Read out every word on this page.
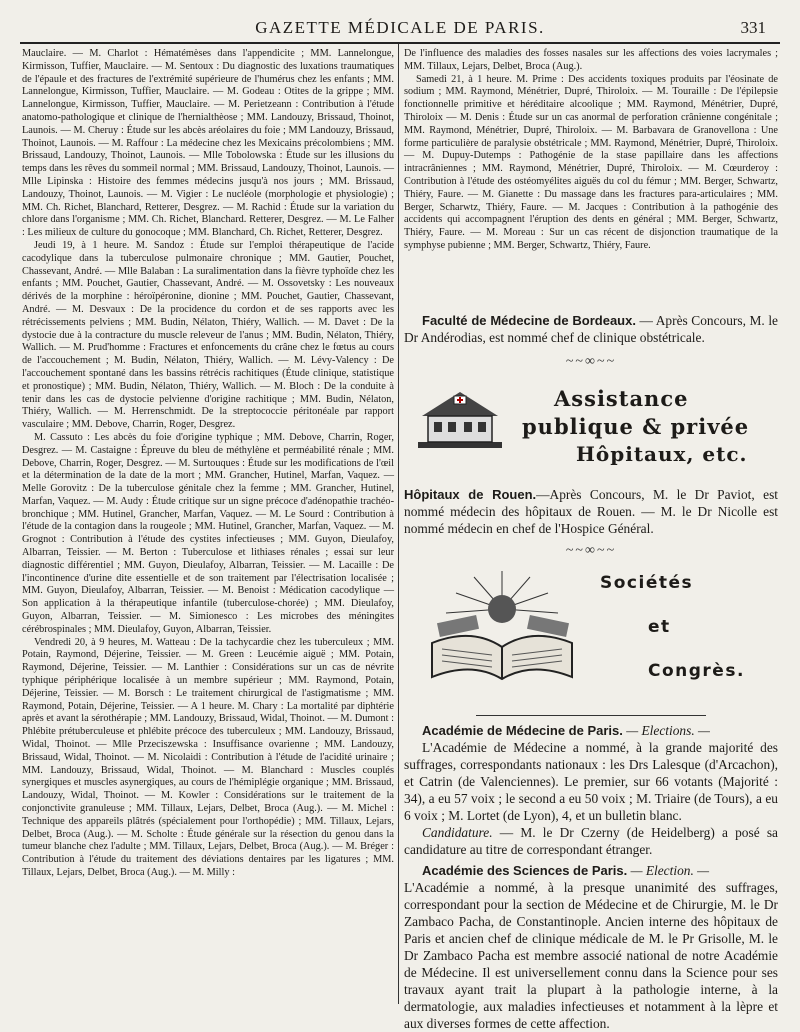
GAZETTE MÉDICALE DE PARIS.	331

Mauclaire. — M. Charlot : Hématémèses dans l'appendicite ; MM. Lannelongue, Kirmisson, Tuffier, Mauclaire. — M. Sentoux : Du diagnostic des luxations traumatiques de l'épaule et des fractures de l'extrémité supérieure de l'humérus chez les enfants ; MM. Lannelongue, Kirmisson, Tuffier, Mauclaire. — M. Godeau : Otites de la grippe ; MM. Lannelongue, Kirmisson, Tuffier, Mauclaire. — M. Perietzeann : Contribution à l'étude anatomo-pathologique et clinique de l'hernialthèose ; MM. Landouzy, Brissaud, Thoinot, Launois. — M. Cheruy : Étude sur les abcès aréolaires du foie ; MM Landouzy, Brissaud, Thoinot, Launois. — M. Raffour : La médecine chez les Mexicains précolombiens ; MM. Brissaud, Landouzy, Thoinot, Launois. — Mlle Tobolowska : Étude sur les illusions du temps dans les rêves du sommeil normal ; MM. Brissaud, Landouzy, Thoinot, Launois. — Mlle Lipinska : Histoire des femmes médecins jusqu'à nos jours ; MM. Brissaud, Landouzy, Thoinot, Launois. — M. Vigier : Le nucléole (morphologie et physiologie) ; MM. Ch. Richet, Blanchard, Retterer, Desgrez. — M. Rachid : Étude sur la variation du chlore dans l'organisme ; MM. Ch. Richet, Blanchard. Retterer, Desgrez. — M. Le Falher : Les milieux de culture du gonocoque ; MM. Blanchard, Ch. Richet, Retterer, Desgrez.

Jeudi 19, à 1 heure. M. Sandoz : Étude sur l'emploi thérapeutique de l'acide cacodylique dans la tuberculose pulmonaire chronique ; MM. Gautier, Pouchet, Chassevant, André. — Mlle Balaban : La suralimentation dans la fièvre typhoïde chez les enfants ; MM. Pouchet, Gautier, Chassevant, André. — M. Ossovetsky : Les nouveaux dérivés de la morphine : héroïpéronine, dionine ; MM. Pouchet, Gautier, Chassevant, André. — M. Desvaux : De la procidence du cordon et de ses rapports avec les rétrécissements pelviens ; MM. Budin, Nélaton, Thiéry, Wallich. — M. Davet : De la dystocie due à la contracture du muscle releveur de l'anus ; MM. Budin, Nélaton, Thiéry, Wallich. — M. Prud'homme : Fractures et enfoncements du crâne chez le fœtus au cours de l'accouchement ; M. Budin, Nélaton, Thiéry, Wallich. — M. Lévy-Valency : De l'accouchement spontané dans les bassins rétrécis rachitiques (Étude clinique, statistique et pronostique) ; MM. Budin, Nélaton, Thiéry, Wallich. — M. Bloch : De la conduite à tenir dans les cas de dystocie pelvienne d'origine rachitique ; MM. Budin, Nélaton, Thiéry, Wallich. — M. Herrenschmidt. De la streptococcie péritonéale par rapport vasculaire ; MM. Debove, Charrin, Roger, Desgrez.

M. Cassuto : Les abcès du foie d'origine typhique ; MM. Debove, Charrin, Roger, Desgrez. — M. Castaigne : Épreuve du bleu de méthylène et perméabilité rénale ; MM. Debove, Charrin, Roger, Desgrez. — M. Surtouques : Étude sur les modifications de l'œil et la détermination de la date de la mort ; MM. Grancher, Hutinel, Marfan, Vaquez. — Melle Gorovitz : De la tuberculose génitale chez la femme ; MM. Grancher, Hutinel, Marfan, Vaquez. — M. Audy : Étude critique sur un signe précoce d'adénopathie trachéo-bronchique ; MM. Hutinel, Grancher, Marfan, Vaquez. — M. Le Sourd : Contribution à l'étude de la contagion dans la rougeole ; MM. Hutinel, Grancher, Marfan, Vaquez. — M. Grognot : Contribution à l'étude des cystites infectieuses ; MM. Guyon, Dieulafoy, Albarran, Teissier. — M. Berton : Tuberculose et lithiases rénales ; essai sur leur diagnostic différentiel ; MM. Guyon, Dieulafoy, Albarran, Teissier. — M. Lacaille : De l'incontinence d'urine dite essentielle et de son traitement par l'électrisation localisée ; MM. Guyon, Dieulafoy, Albarran, Teissier. — M. Benoist : Médication cacodylique — Son application à la thérapeutique infantile (tuberculose-chorée) ; MM. Dieulafoy, Guyon, Albarran, Teissier. — M. Simionesco : Les microbes des méningites cérébrospinales ; MM. Dieulafoy, Guyon, Albarran, Teissier.

Vendredi 20, à 9 heures, M. Watteau : De la tachycardie chez les tuberculeux ; MM. Potain, Raymond, Déjerine, Teissier. — M. Green : Leucémie aiguë ; MM. Potain, Raymond, Déjerine, Teissier. — M. Lanthier : Considérations sur un cas de névrite typhique périphérique localisée à un membre supérieur ; MM. Raymond, Potain, Déjerine, Teissier. — M. Borsch : Le traitement chirurgical de l'astigmatisme ; MM. Raymond, Potain, Déjerine, Teissier. — A 1 heure. M. Chary : La mortalité par diphtérie après et avant la sérothérapie ; MM. Landouzy, Brissaud, Widal, Thoinot. — M. Dumont : Phlébite prétuberculeuse et phlébite précoce des tuberculeux ; MM. Landouzy, Brissaud, Widal, Thoinot. — Mlle Przeciszewska : Insuffisance ovarienne ; MM. Landouzy, Brissaud, Widal, Thoinot. — M. Nicolaidi : Contribution à l'étude de l'acidité urinaire ; MM. Landouzy, Brissaud, Widal, Thoinot. — M. Blanchard : Muscles couplés synergiques et muscles asynergiques, au cours de l'hémiplégie organique ; MM. Brissaud, Landouzy, Widal, Thoinot. — M. Kowler : Considérations sur le traitement de la conjonctivite granuleuse ; MM. Tillaux, Lejars, Delbet, Broca (Aug.). — M. Michel : Technique des appareils plâtrés (spécialement pour l'orthopédie) ; MM. Tillaux, Lejars, Delbet, Broca (Aug.). — M. Scholte : Étude générale sur la résection du genou dans la tumeur blanche chez l'adulte ; MM. Tillaux, Lejars, Delbet, Broca (Aug.). — M. Bréger : Contribution à l'étude du traitement des déviations dentaires par les ligatures ; MM. Tillaux, Lejars, Delbet, Broca (Aug.). — M. Milly :

De l'influence des maladies des fosses nasales sur les affections des voies lacrymales ; MM. Tillaux, Lejars, Delbet, Broca (Aug.).

Samedi 21, à 1 heure. M. Prime : Des accidents toxiques produits par l'éosinate de sodium ; MM. Raymond, Ménétrier, Dupré, Thiroloix. — M. Touraille : De l'épilepsie fonctionnelle primitive et héréditaire alcoolique ; MM. Raymond, Ménétrier, Dupré, Thiroloix — M. Denis : Étude sur un cas anormal de perforation crânienne congénitale ; MM. Raymond, Ménétrier, Dupré, Thiroloix. — M. Barbavara de Granovellona : Une forme particulière de paralysie obstétricale ; MM. Raymond, Ménétrier, Dupré, Thiroloix. — M. Dupuy-Dutemps : Pathogénie de la stase papillaire dans les affections intracrâniennes ; MM. Raymond, Ménétrier, Dupré, Thiroloix. — M. Cœurderoy : Contribution à l'étude des ostéomyélites aiguës du col du fémur ; MM. Berger, Schwartz, Thiéry, Faure. — M. Gianette : Du massage dans les fractures para-articulaires ; MM. Berger, Scharwtz, Thiéry, Faure. — M. Jacques : Contribution à la pathogénie des accidents qui accompagnent l'éruption des dents en général ; MM. Berger, Schwartz, Thiéry, Faure. — M. Moreau : Sur un cas récent de disjonction traumatique de la symphyse pubienne ; MM. Berger, Schwartz, Thiéry, Faure.

Faculté de Médecine de Bordeaux. — Après Concours, M. le Dr Andérodias, est nommé chef de clinique obstétricale.

~~∞~~
Assistance
publique & privée
Hôpitaux, etc.

Hôpitaux de Rouen.—Après Concours, M. le Dr Paviot, est nommé médecin des hôpitaux de Rouen. — M. le Dr Nicolle est nommé médecin en chef de l'Hospice Général.

~~∞~~
Sociétés
et
Congrès.

Académie de Médecine de Paris. — Elections. —

L'Académie de Médecine a nommé, à la grande majorité des suffrages, correspondants nationaux : les Drs Lalesque (d'Arcachon), et Catrin (de Valenciennes). Le premier, sur 66 votants (Majorité : 34), a eu 57 voix ; le second a eu 50 voix ; M. Triaire (de Tours), a eu 6 voix ; M. Lortet (de Lyon), 4, et un bulletin blanc.

Candidature. — M. le Dr Czerny (de Heidelberg) a posé sa candidature au titre de correspondant étranger.

Académie des Sciences de Paris. — Election. —

L'Académie a nommé, à la presque unanimité des suffrages, correspondant pour la section de Médecine et de Chirurgie, M. le Dr Zambaco Pacha, de Constantinople. Ancien interne des hôpitaux de Paris et ancien chef de clinique médicale de M. le Pr Grisolle, M. le Dr Zambaco Pacha est membre associé national de notre Académie de Médecine. Il est universellement connu dans la Science pour ses travaux ayant trait la plupart à la pathologie interne, à la dermatologie, aux maladies infectieuses et notamment à la lèpre et aux diverses formes de cette affection.
